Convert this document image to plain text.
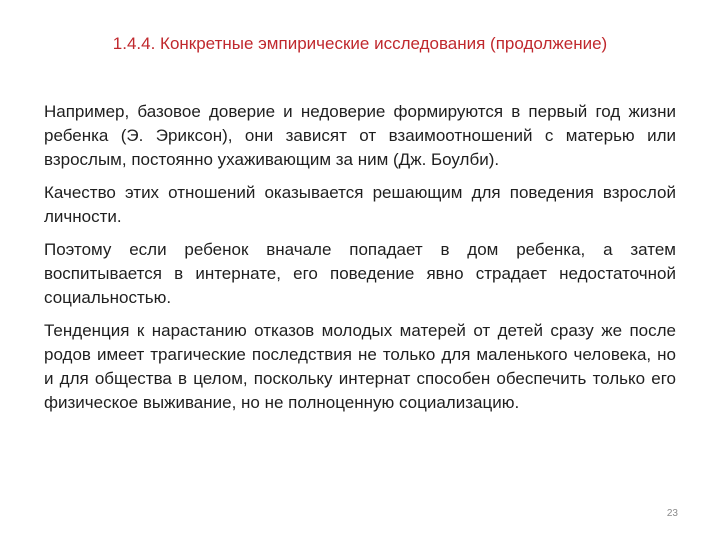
1.4.4. Конкретные эмпирические исследования (продолжение)

Например, базовое доверие и недоверие формируются в первый год жизни ребенка (Э. Эриксон), они зависят от взаимоотношений с матерью или взрослым, постоянно ухаживающим за ним (Дж. Боулби).

Качество этих отношений оказывается решающим для поведения взрослой личности.

Поэтому если ребенок вначале попадает в дом ребенка, а затем воспитывается в интернате, его поведение явно страдает недостаточной социальностью.

Тенденция к нарастанию отказов молодых матерей от детей сразу же после родов имеет трагические последствия не только для маленького человека, но и для общества в целом, поскольку интернат способен обеспечить только его физическое выживание, но не полноценную социализацию.

23
